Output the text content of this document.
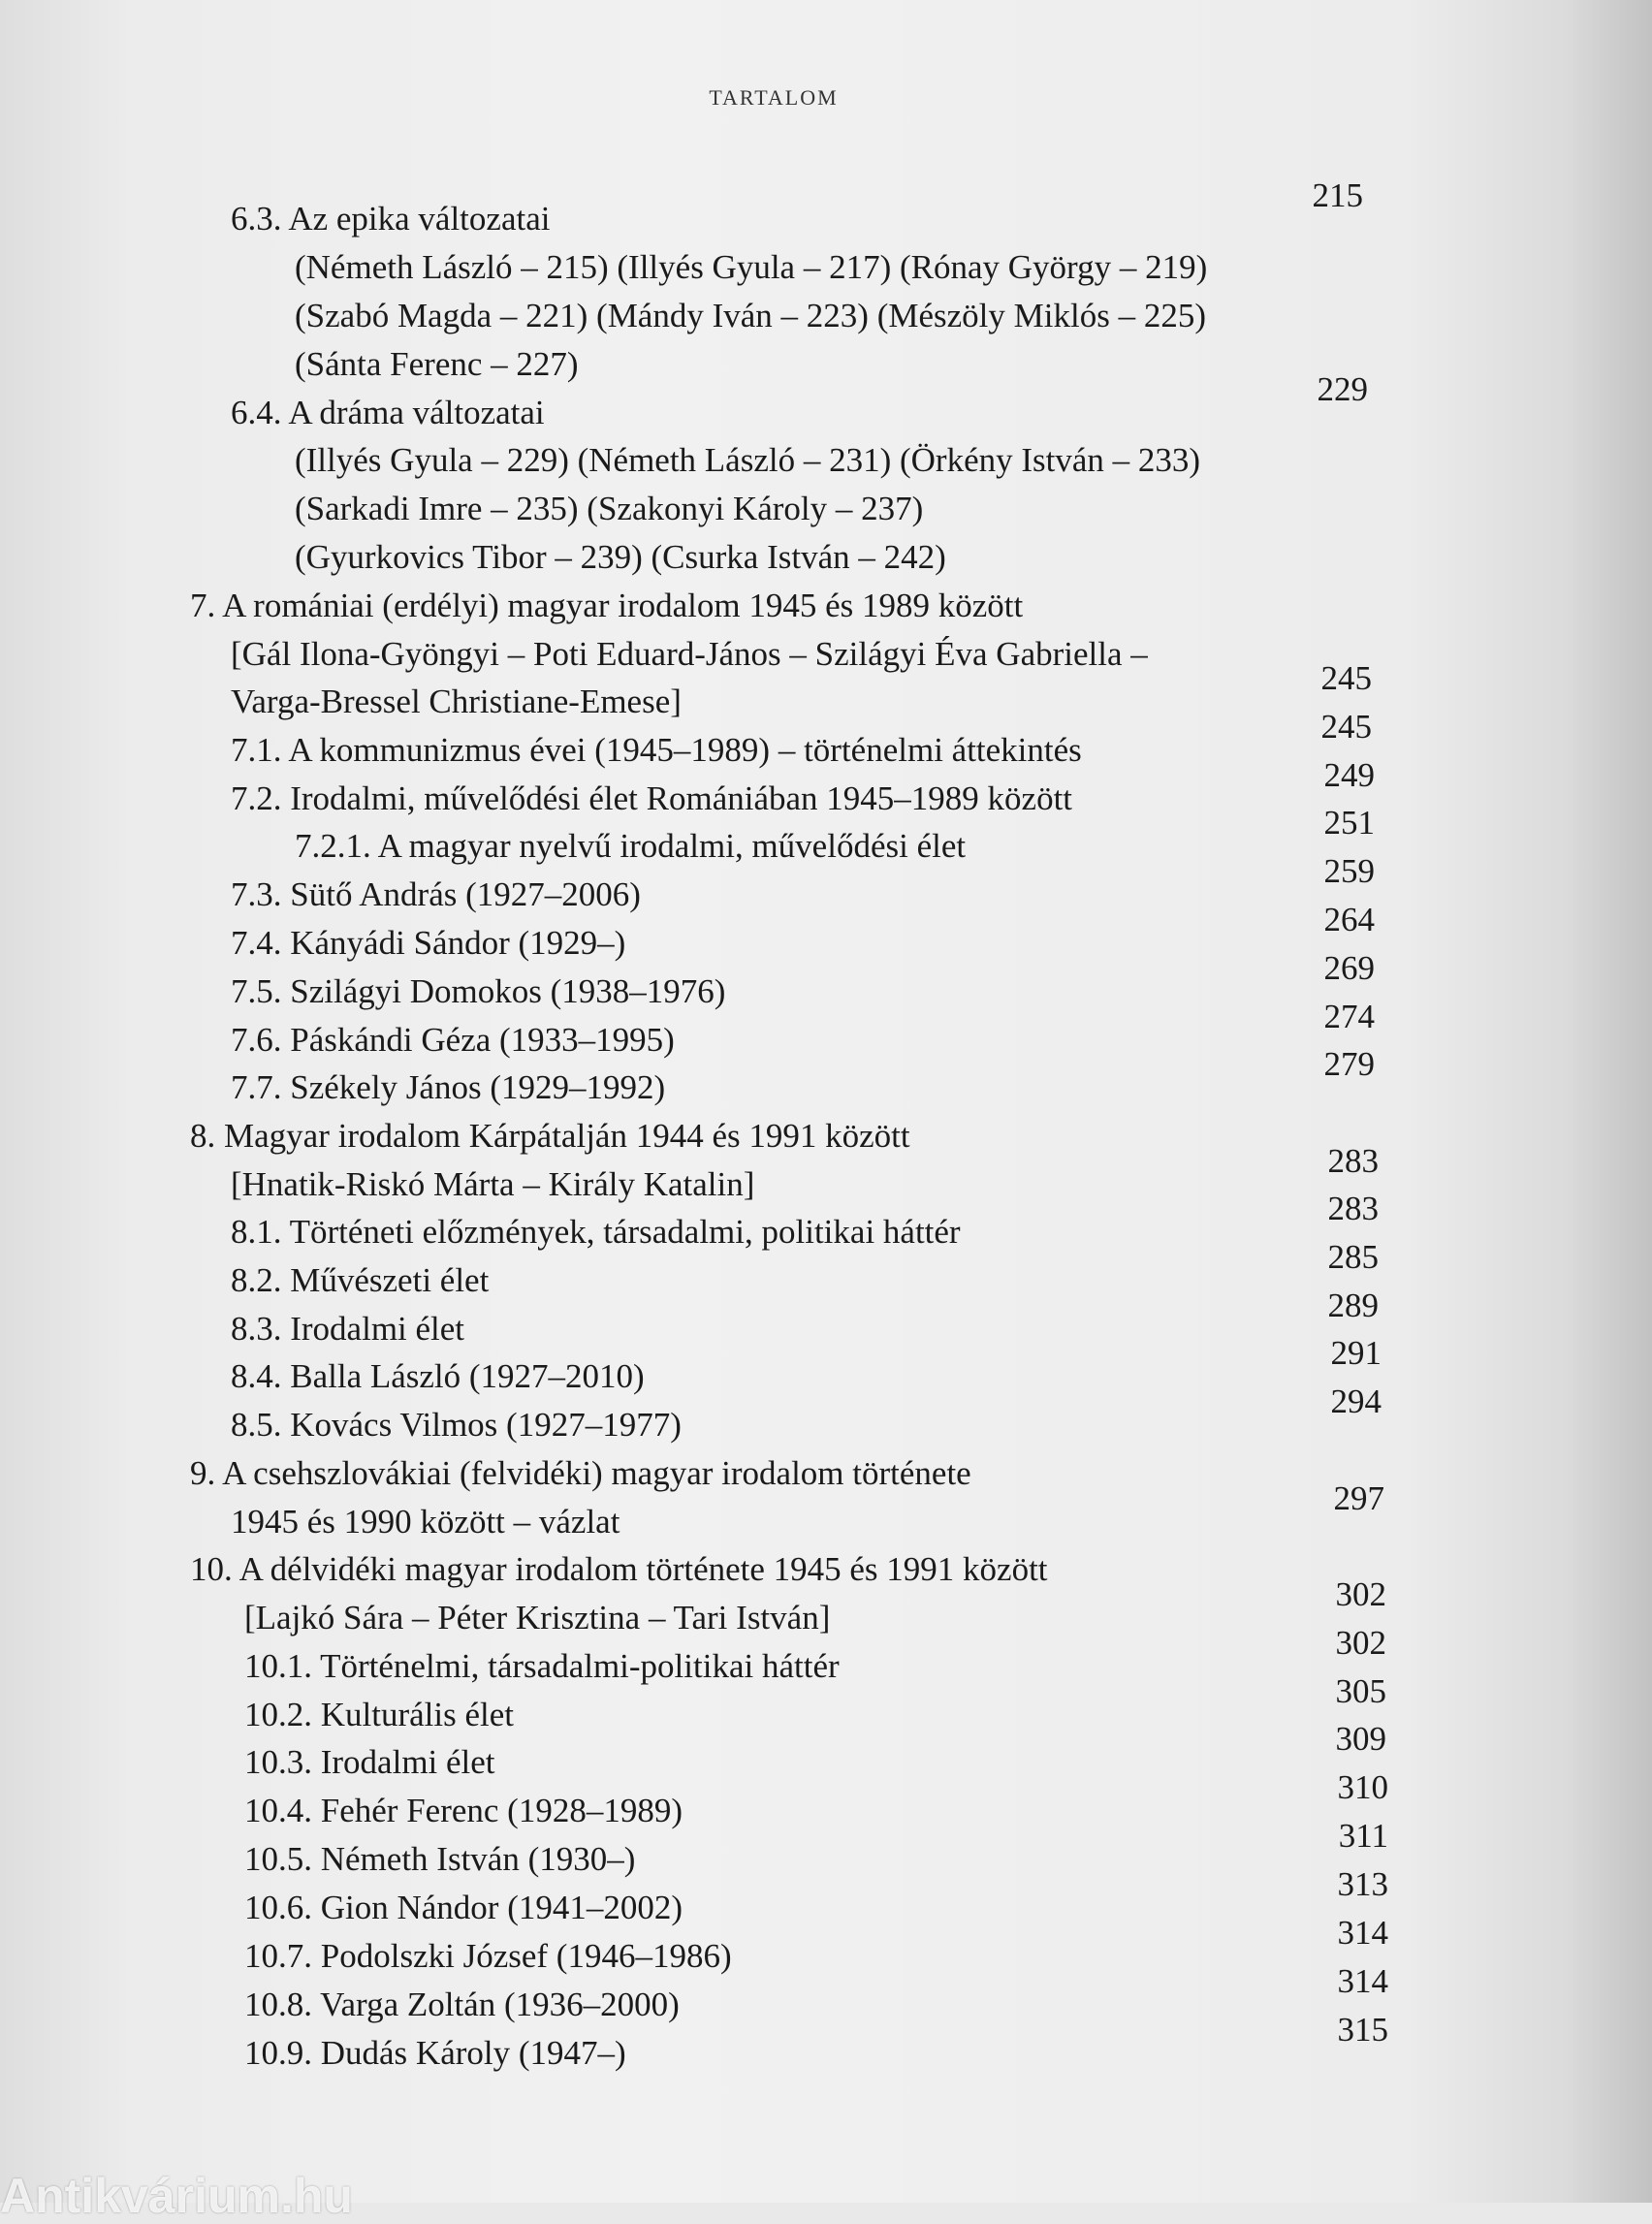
TARTALOM
6.3. Az epika változatai
215
(Németh László – 215) (Illyés Gyula – 217) (Rónay György – 219)
(Szabó Magda – 221) (Mándy Iván – 223) (Mészöly Miklós – 225)
(Sánta Ferenc – 227)
6.4. A dráma változatai
229
(Illyés Gyula – 229) (Németh László – 231) (Örkény István – 233)
(Sarkadi Imre – 235) (Szakonyi Károly – 237)
(Gyurkovics Tibor – 239) (Csurka István – 242)
7. A romániai (erdélyi) magyar irodalom 1945 és 1989 között
[Gál Ilona-Gyöngyi – Poti Eduard-János – Szilágyi Éva Gabriella –
Varga-Bressel Christiane-Emese]
245
7.1. A kommunizmus évei (1945–1989) – történelmi áttekintés
245
7.2. Irodalmi, művelődési élet Romániában 1945–1989 között
249
7.2.1. A magyar nyelvű irodalmi, művelődési élet
251
7.3. Sütő András (1927–2006)
259
7.4. Kányádi Sándor (1929–)
264
7.5. Szilágyi Domokos (1938–1976)
269
7.6. Páskándi Géza (1933–1995)
274
7.7. Székely János (1929–1992)
279
8. Magyar irodalom Kárpátalján 1944 és 1991 között
[Hnatik-Riskó Márta – Király Katalin]
283
8.1. Történeti előzmények, társadalmi, politikai háttér
283
8.2. Művészeti élet
285
8.3. Irodalmi élet
289
8.4. Balla László (1927–2010)
291
8.5. Kovács Vilmos (1927–1977)
294
9. A csehszlovákiai (felvidéki) magyar irodalom története
1945 és 1990 között – vázlat
297
10. A délvidéki magyar irodalom története 1945 és 1991 között
[Lajkó Sára – Péter Krisztina – Tari István]
302
10.1. Történelmi, társadalmi-politikai háttér
302
10.2. Kulturális élet
305
10.3. Irodalmi élet
309
10.4. Fehér Ferenc (1928–1989)
310
10.5. Németh István (1930–)
311
10.6. Gion Nándor (1941–2002)
313
10.7. Podolszki József (1946–1986)
314
10.8. Varga Zoltán (1936–2000)
314
10.9. Dudás Károly (1947–)
315
Antikvárium.hu
